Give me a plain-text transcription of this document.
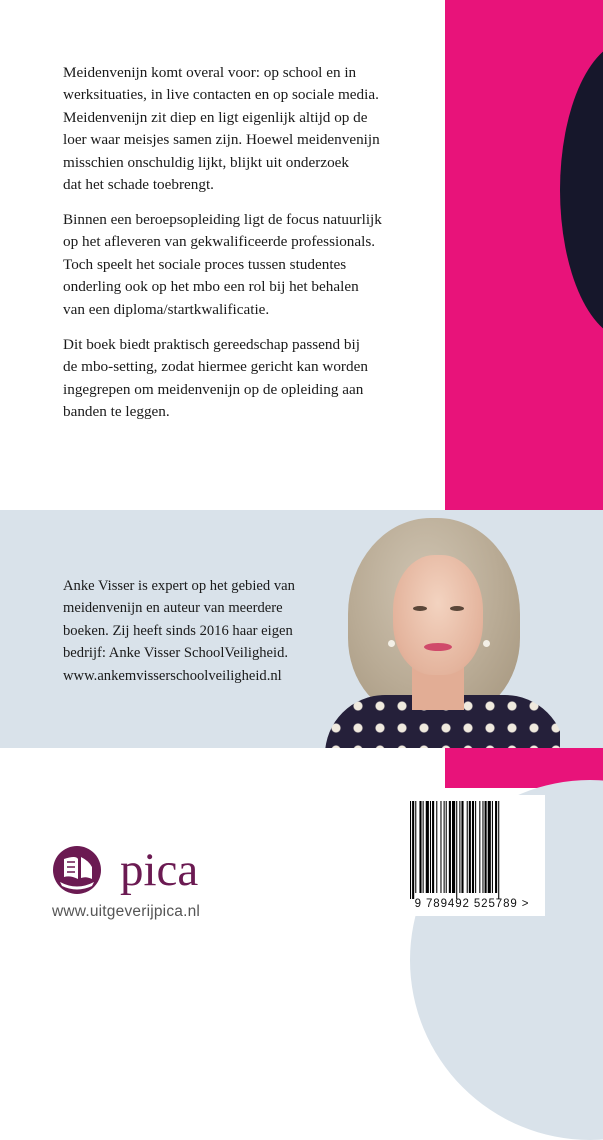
Meidenvenijn komt overal voor: op school en in

werksituaties, in live contacten en op sociale media.

Meidenvenijn zit diep en ligt eigenlijk altijd op de

loer waar meisjes samen zijn. Hoewel meidenvenijn

misschien onschuldig lijkt, blijkt uit onderzoek

dat het schade toebrengt.

Binnen een beroepsopleiding ligt de focus natuurlijk

op het afleveren van gekwalificeerde professionals.

Toch speelt het sociale proces tussen studentes

onderling ook op het mbo een rol bij het behalen

van een diploma/startkwalificatie.

Dit boek biedt praktisch gereedschap passend bij

de mbo-setting, zodat hiermee gericht kan worden

ingegrepen om meidenvenijn op de opleiding aan

banden te leggen.

Anke Visser is expert op het gebied van
meidenvenijn en auteur van meerdere
boeken. Zij heeft sinds 2016 haar eigen
bedrijf: Anke Visser SchoolVeiligheid.
www.ankemvisserschoolveiligheid.nl
pica
www.uitgeverijpica.nl	9 789492 525789 >
